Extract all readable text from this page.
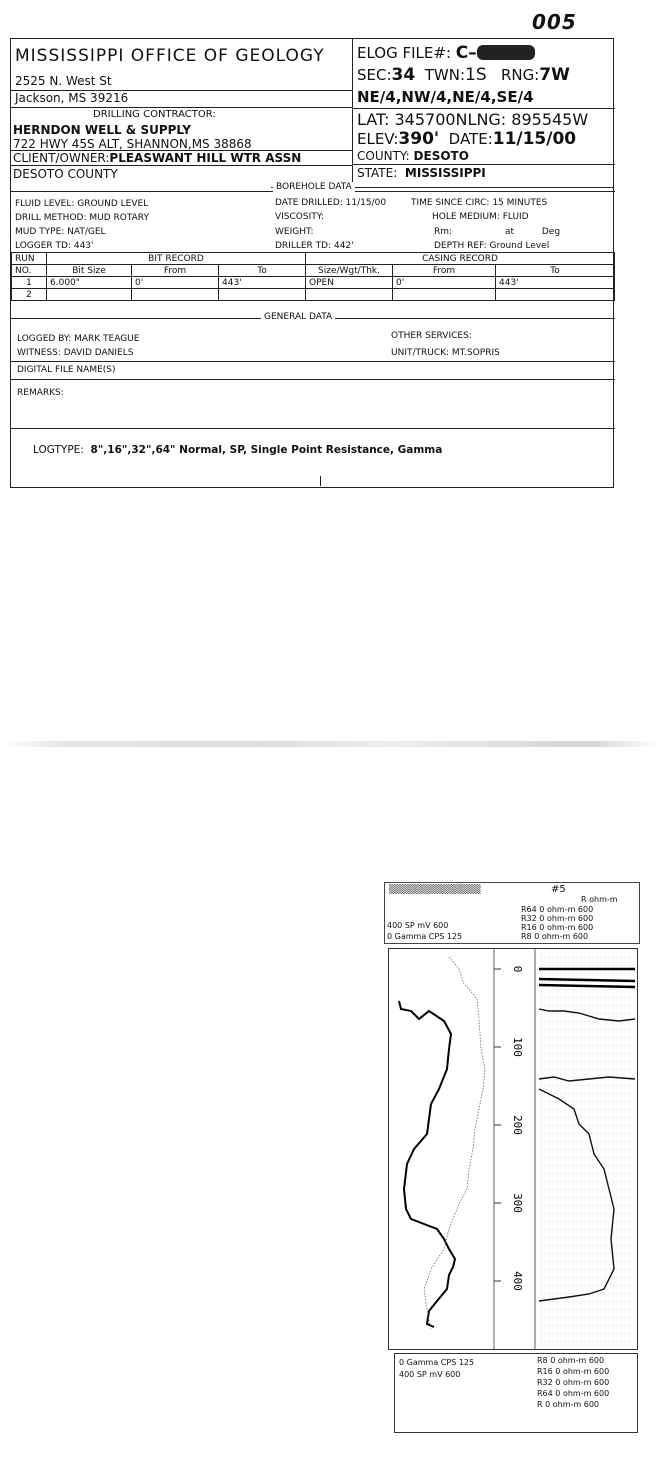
005
MISSISSIPPI OFFICE OF GEOLOGY
2525 N. West St
Jackson, MS 39216
DRILLING CONTRACTOR:
HERNDON WELL & SUPPLY
722 HWY 45S ALT, SHANNON,MS 38868
CLIENT/OWNER:PLEASWANT HILL WTR ASSN
DESOTO COUNTY
ELOG FILE#: C–
SEC:34 TWN:1S RNG:7W
NE/4,NW/4,NE/4,SE/4
LAT: 345700NLNG: 895545W
ELEV:390' DATE:11/15/00
COUNTY: DESOTO
STATE: MISSISSIPPI
BOREHOLE DATA
FLUID LEVEL: GROUND LEVEL
DRILL METHOD: MUD ROTARY
MUD TYPE: NAT/GEL
LOGGER TD: 443'
DATE DRILLED: 11/15/00
VISCOSITY:
WEIGHT:
DRILLER TD: 442'
TIME SINCE CIRC: 15 MINUTES
HOLE MEDIUM: FLUID
Rm:	at	Deg
DEPTH REF: Ground Level
RUN	BIT RECORD			CASING RECORD		
NO.	Bit Size	From	To	Size/Wgt/Thk.	From	To
1	6.000"	0'	443'	OPEN	0'	443'
2						
GENERAL DATA
LOGGED BY: MARK TEAGUE
WITNESS: DAVID DANIELS
OTHER SERVICES:
UNIT/TRUCK: MT.SOPRIS
DIGITAL FILE NAME(S)
REMARKS:
LOGTYPE: 8",16",32",64" Normal, SP, Single Point Resistance, Gamma
▒▒▒▒▒▒▒▒▒▒▒▒▒▒	#5
R ohm-m
R64 0 ohm-m 600
R32 0 ohm-m 600
R16 0 ohm-m 600
R8 0 ohm-m 600
400 SP mV 600
0 Gamma CPS 125
0
100
200
300
400
0 Gamma CPS 125
400 SP mV 600
R8 0 ohm-m 600
R16 0 ohm-m 600
R32 0 ohm-m 600
R64 0 ohm-m 600
R 0 ohm-m 600
